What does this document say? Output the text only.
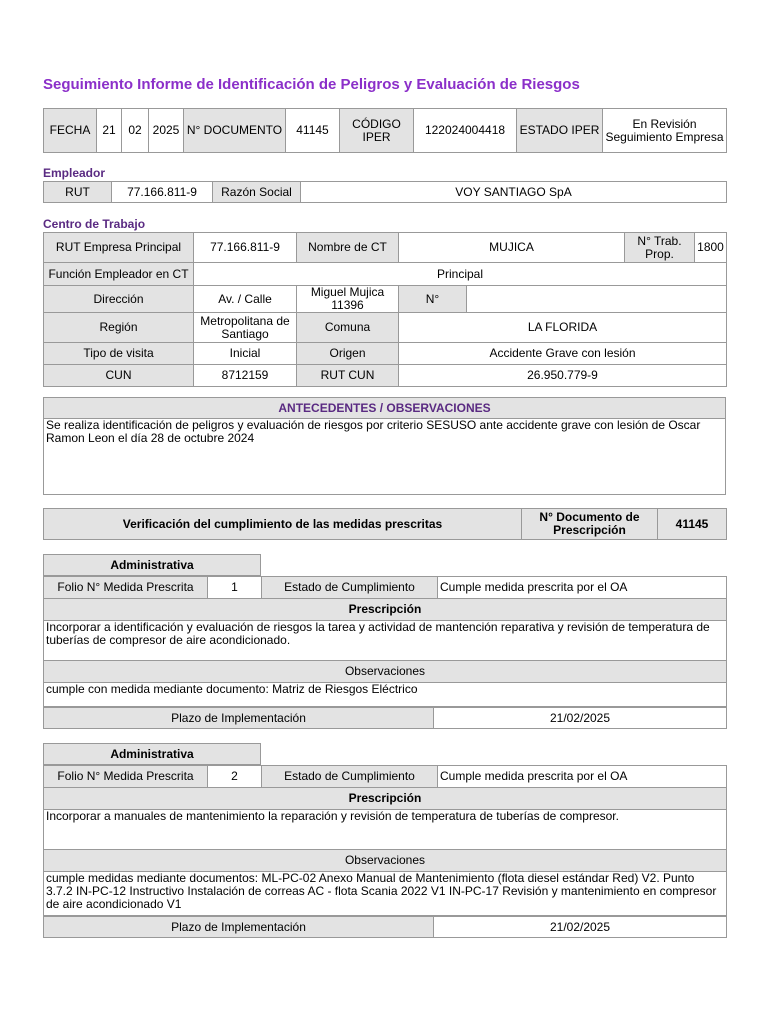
Seguimiento Informe de Identificación de Peligros y Evaluación de Riesgos
FECHA	21	02	2025	N° DOCUMENTO	41145	CÓDIGO IPER	122024004418	ESTADO IPER	En Revisión Seguimiento Empresa
Empleador
RUT	77.166.811-9	Razón Social	VOY SANTIAGO SpA
Centro de Trabajo
RUT Empresa Principal	77.166.811-9	Nombre de CT	MUJICA	N° Trab. Prop.	1800
Función Empleador en CT	Principal				
Dirección	Av. / Calle	Miguel Mujica 11396	N°	
Región	Metropolitana de Santiago	Comuna	LA FLORIDA	
Tipo de visita	Inicial	Origen	Accidente Grave con lesión	
CUN	8712159	RUT CUN	26.950.779-9	
ANTECEDENTES / OBSERVACIONES
Se realiza identificación de peligros y evaluación de riesgos por criterio SESUSO ante accidente grave con lesión de Oscar Ramon Leon el día 28 de octubre 2024
Verificación del cumplimiento de las medidas prescritas	N° Documento de Prescripción	41145
Administrativa
Folio N° Medida Prescrita	1	Estado de Cumplimiento	Cumple medida prescrita por el OA
Prescripción
Incorporar a identificación y evaluación de riesgos la tarea y actividad de mantención reparativa y revisión de temperatura de tuberías de compresor de aire acondicionado.
Observaciones
cumple con medida mediante documento: Matriz de Riesgos Eléctrico
Plazo de Implementación	21/02/2025
Administrativa
Folio N° Medida Prescrita	2	Estado de Cumplimiento	Cumple medida prescrita por el OA
Prescripción
Incorporar a manuales de mantenimiento la reparación y revisión de temperatura de tuberías de compresor.
Observaciones
cumple medidas mediante documentos: ML-PC-02 Anexo Manual de Mantenimiento (flota diesel estándar Red) V2. Punto 3.7.2 IN-PC-12 Instructivo Instalación de correas AC - flota Scania 2022 V1 IN-PC-17 Revisión y mantenimiento en compresor de aire acondicionado V1
Plazo de Implementación	21/02/2025
